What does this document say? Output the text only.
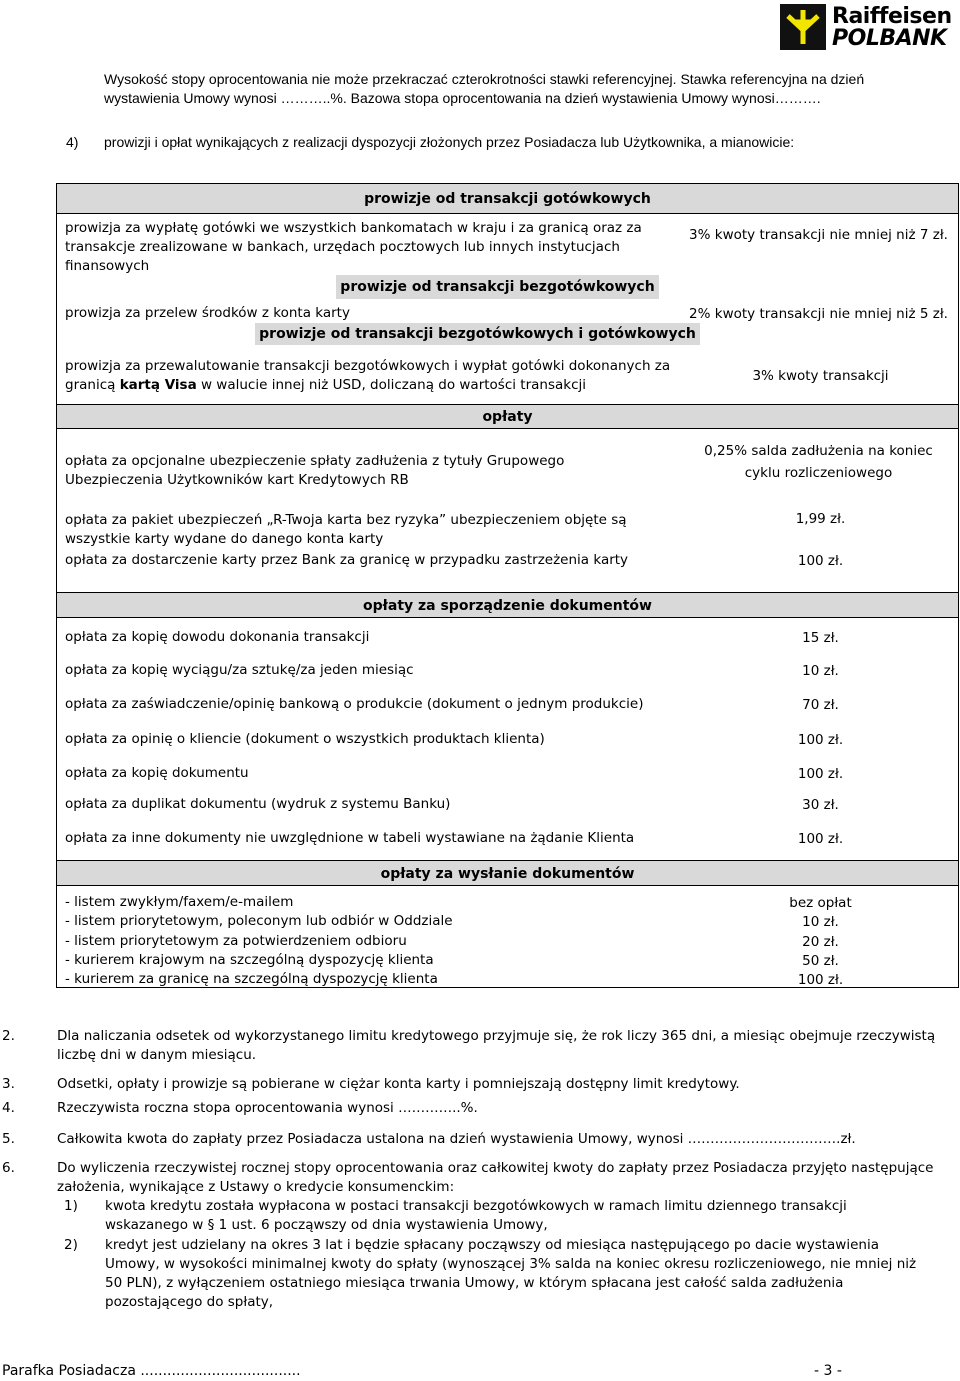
Raiffeisen
POLBANK
Wysokość stopy oprocentowania nie może przekraczać czterokrotności stawki referencyjnej. Stawka referencyjna na dzień
wystawienia Umowy wynosi ………..%. Bazowa stopa oprocentowania na dzień wystawienia Umowy wynosi……….
4) prowizji i opłat wynikających z realizacji dyspozycji złożonych przez Posiadacza lub Użytkownika, a mianowicie:
prowizje od transakcji gotówkowych
prowizja za wypłatę gotówki we wszystkich bankomatach w kraju i za granicą oraz za
transakcje zrealizowane w bankach, urzędach pocztowych lub innych instytucjach
finansowych
3% kwoty transakcji nie mniej niż 7 zł.
prowizje od transakcji bezgotówkowych
prowizja za przelew środków z konta karty	2% kwoty transakcji nie mniej niż 5 zł.
prowizje od transakcji bezgotówkowych i gotówkowych
prowizja za przewalutowanie transakcji bezgotówkowych i wypłat gotówki dokonanych za
granicą kartą Visa w walucie innej niż USD, doliczaną do wartości transakcji
3% kwoty transakcji
opłaty
opłata za opcjonalne ubezpieczenie spłaty zadłużenia z tytuły Grupowego
Ubezpieczenia Użytkowników kart Kredytowych RB
0,25% salda zadłużenia na koniec
cyklu rozliczeniowego
opłata za pakiet ubezpieczeń „R-Twoja karta bez ryzyka” ubezpieczeniem objęte są
wszystkie karty wydane do danego konta karty
1,99 zł.
opłata za dostarczenie karty przez Bank za granicę w przypadku zastrzeżenia karty	100 zł.
opłaty za sporządzenie dokumentów
opłata za kopię dowodu dokonania transakcji	15 zł.
opłata za kopię wyciągu/za sztukę/za jeden miesiąc	10 zł.
opłata za zaświadczenie/opinię bankową o produkcie (dokument o jednym produkcie)	70 zł.
opłata za opinię o kliencie (dokument o wszystkich produktach klienta)	100 zł.
opłata za kopię dokumentu	100 zł.
opłata za duplikat dokumentu (wydruk z systemu Banku)	30 zł.
opłata za inne dokumenty nie uwzględnione w tabeli wystawiane na żądanie Klienta	100 zł.
opłaty za wysłanie dokumentów
- listem zwykłym/faxem/e-mailem	bez opłat
- listem priorytetowym, poleconym lub odbiór w Oddziale	10 zł.
- listem priorytetowym za potwierdzeniem odbioru	20 zł.
- kurierem krajowym na szczególną dyspozycję klienta	50 zł.
- kurierem za granicę na szczególną dyspozycję klienta	100 zł.
2.	Dla naliczania odsetek od wykorzystanego limitu kredytowego przyjmuje się, że rok liczy 365 dni, a miesiąc obejmuje rzeczywistą
liczbę dni w danym miesiącu.
3.	Odsetki, opłaty i prowizje są pobierane w ciężar konta karty i pomniejszają dostępny limit kredytowy.
4.	Rzeczywista roczna stopa oprocentowania wynosi …………..%.
5.	Całkowita kwota do zapłaty przez Posiadacza ustalona na dzień wystawienia Umowy, wynosi …………………………….zł.
6.	Do wyliczenia rzeczywistej rocznej stopy oprocentowania oraz całkowitej kwoty do zapłaty przez Posiadacza przyjęto następujące
założenia, wynikające z Ustawy o kredycie konsumenckim:
1) kwota kredytu została wypłacona w postaci transakcji bezgotówkowych w ramach limitu dziennego transakcji
wskazanego w § 1 ust. 6 począwszy od dnia wystawienia Umowy,
2) kredyt jest udzielany na okres 3 lat i będzie spłacany począwszy od miesiąca następującego po dacie wystawienia
Umowy, w wysokości minimalnej kwoty do spłaty (wynoszącej 3% salda na koniec okresu rozliczeniowego, nie mniej niż
50 PLN), z wyłączeniem ostatniego miesiąca trwania Umowy, w którym spłacana jest całość salda zadłużenia
pozostającego do spłaty,
Parafka Posiadacza ....................................	- 3 -
